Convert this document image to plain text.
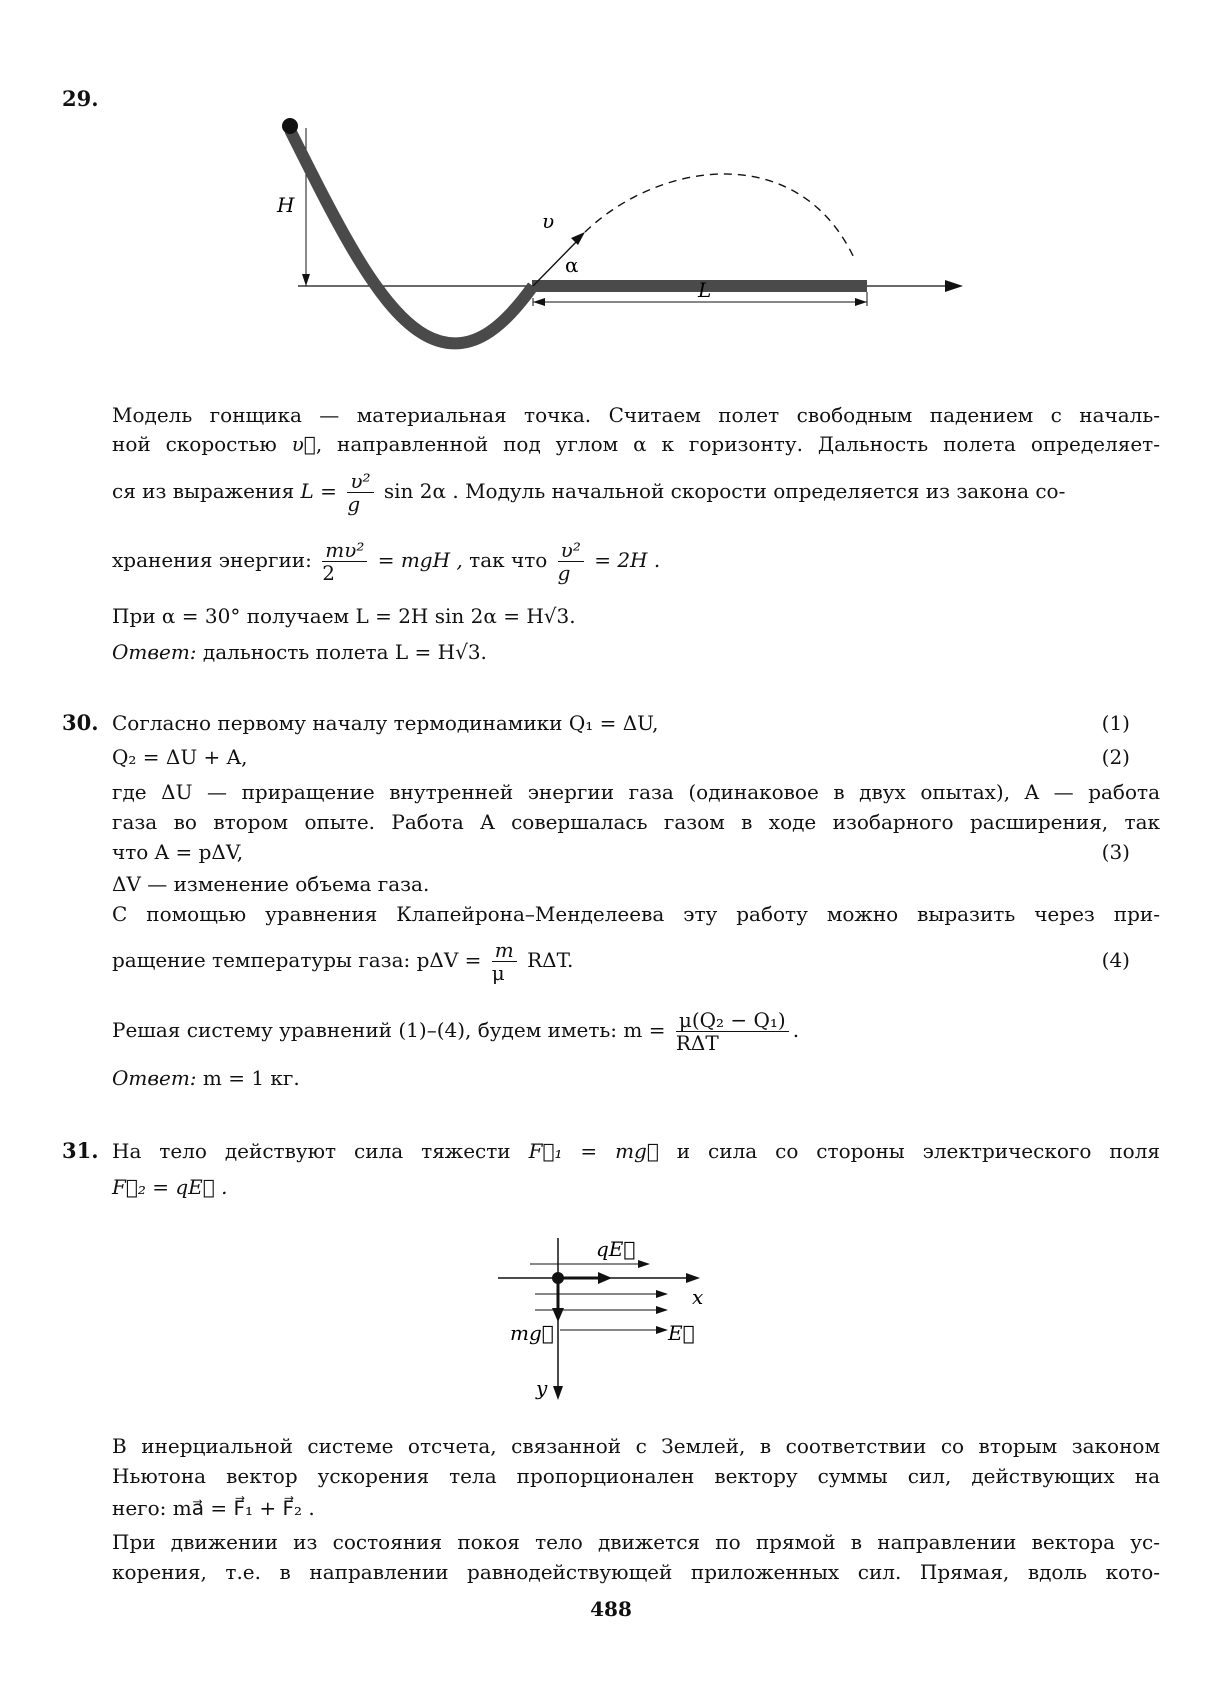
29.
H
υ
α
L
Модель гонщика — материальная точка. Считаем полет свободным падением с началь-
ной скоростью υ⃗, направленной под углом α к горизонту. Дальность полета определяет-
ся из выражения $L = \frac{\text{υ²}}{g}$ sin 2α . Модуль начальной скорости определяется из закона со-
хранения энергии: $\frac{\text{mυ²}}{2}$ = mgH , так что $\frac{\text{υ²}}{g} = 2H$ .
При α = 30° получаем L = 2H sin 2α = H√3.
Ответ: дальность полета L = H√3.
30. Согласно первому началу термодинамики Q₁ = ΔU,	(1)
Q₂ = ΔU + A,	(2)
где ΔU — приращение внутренней энергии газа (одинаковое в двух опытах), A — работа
газа во втором опыте. Работа A совершалась газом в ходе изобарного расширения, так
что A = pΔV,	(3)
ΔV — изменение объема газа.
С помощью уравнения Клапейрона–Менделеева эту работу можно выразить через при-
ращение температуры газа: $p\Delta V = \frac{m}{\mu} R\Delta T$.	(4)
Решая систему уравнений (1)–(4), будем иметь: $m = \frac{\text{μ(Q₂ − Q₁)}}{\text{RΔT}}$ .
Ответ: m = 1 кг.
31. На тело действуют сила тяжести F⃗₁ = mg⃗ и сила со стороны электрического поля
F⃗₂ = qE⃗ .
qE⃗
x
mg⃗	E⃗
y
В инерциальной системе отсчета, связанной с Землей, в соответствии со вторым законом
Ньютона вектор ускорения тела пропорционален вектору суммы сил, действующих на
него: ma⃗ = F⃗₁ + F⃗₂ .
При движении из состояния покоя тело движется по прямой в направлении вектора ус-
корения, т.е. в направлении равнодействующей приложенных сил. Прямая, вдоль кото-
488
